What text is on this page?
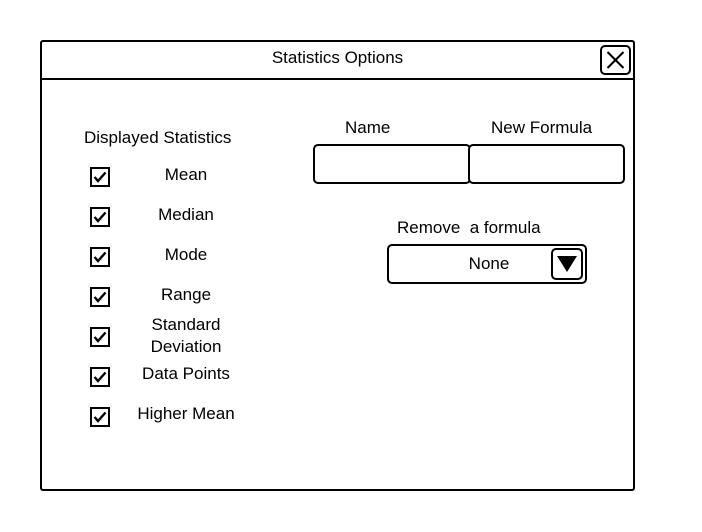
Statistics Options
Displayed Statistics
Mean
Median
Mode
Range
Standard Deviation
Data Points
Higher Mean
Name	New Formula
Remove  a formula
None
